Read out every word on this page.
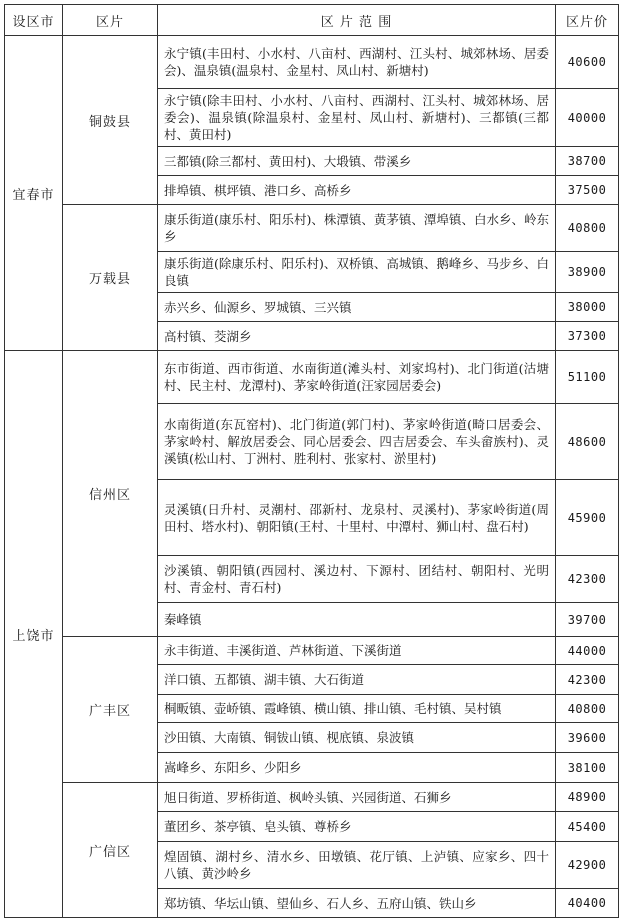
设区市	区片	区 片 范 围	区片价
宜春市	铜鼓县	永宁镇(丰田村、小水村、八亩村、西湖村、江头村、城郊林场、居委会)、温泉镇(温泉村、金星村、凤山村、新塘村)	40600
		永宁镇(除丰田村、小水村、八亩村、西湖村、江头村、城郊林场、居委会)、温泉镇(除温泉村、金星村、凤山村、新塘村)、三都镇(三都村、黄田村)	40000
		三都镇(除三都村、黄田村)、大塅镇、带溪乡	38700
		排埠镇、棋坪镇、港口乡、高桥乡	37500
	万载县	康乐街道(康乐村、阳乐村)、株潭镇、黄茅镇、潭埠镇、白水乡、岭东乡	40800
		康乐街道(除康乐村、阳乐村)、双桥镇、高城镇、鹅峰乡、马步乡、白良镇	38900
		赤兴乡、仙源乡、罗城镇、三兴镇	38000
		高村镇、茭湖乡	37300
上饶市	信州区	东市街道、西市街道、水南街道(滩头村、刘家坞村)、北门街道(沽塘村、民主村、龙潭村)、茅家岭街道(汪家园居委会)	51100
		水南街道(东瓦窑村)、北门街道(郭门村)、茅家岭街道(畸口居委会、茅家岭村、解放居委会、同心居委会、四吉居委会、车头畲族村)、灵溪镇(松山村、丁洲村、胜利村、张家村、淤里村)	48600
		灵溪镇(日升村、灵潮村、邵新村、龙泉村、灵溪村)、茅家岭街道(周田村、塔水村)、朝阳镇(王村、十里村、中潭村、狮山村、盘石村)	45900
		沙溪镇、朝阳镇(西园村、溪边村、下源村、团结村、朝阳村、光明村、青金村、青石村)	42300
		秦峰镇	39700
	广丰区	永丰街道、丰溪街道、芦林街道、下溪街道	44000
		洋口镇、五都镇、湖丰镇、大石街道	42300
		桐畈镇、壶峤镇、霞峰镇、横山镇、排山镇、毛村镇、吴村镇	40800
		沙田镇、大南镇、铜钹山镇、枧底镇、泉波镇	39600
		嵩峰乡、东阳乡、少阳乡	38100
	广信区	旭日街道、罗桥街道、枫岭头镇、兴园街道、石狮乡	48900
		董团乡、茶亭镇、皂头镇、尊桥乡	45400
		煌固镇、湖村乡、清水乡、田墩镇、花厅镇、上泸镇、应家乡、四十八镇、黄沙岭乡	42900
		郑坊镇、华坛山镇、望仙乡、石人乡、五府山镇、铁山乡	40400
